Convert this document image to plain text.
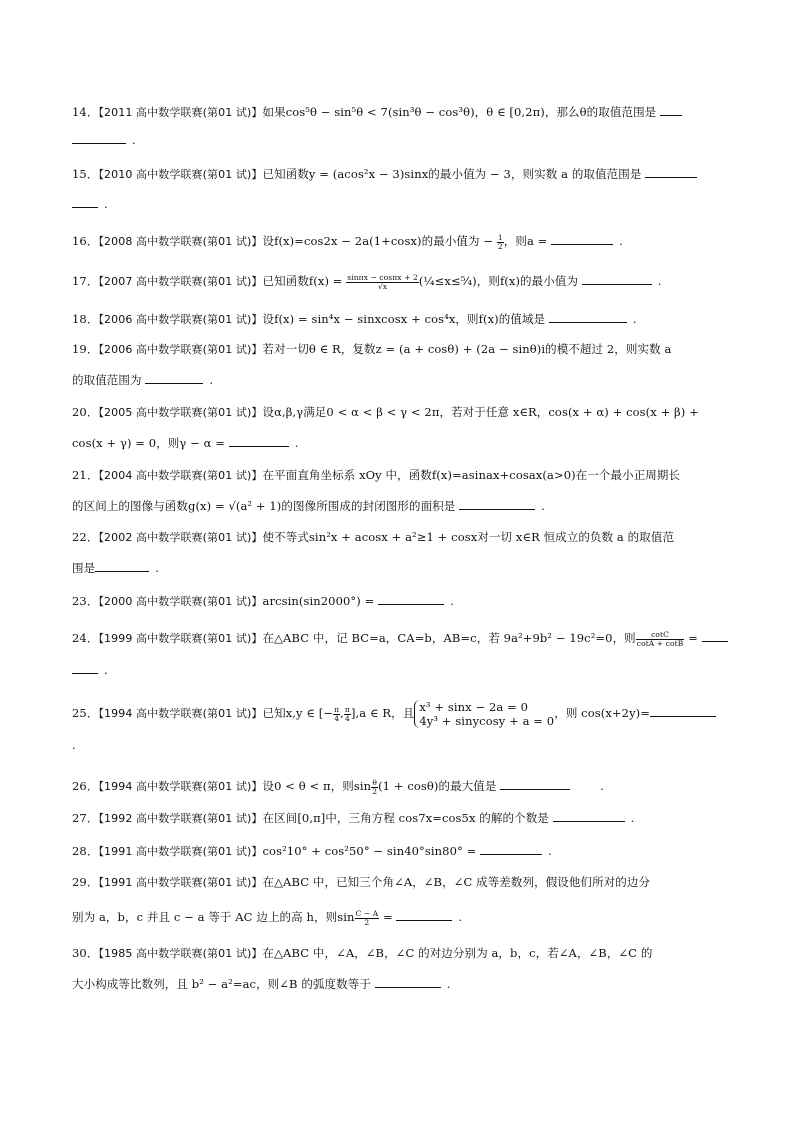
14．【2011 高中数学联赛(第01 试)】如果cos⁵θ − sin⁵θ < 7(sin³θ − cos³θ)，θ ∈ [0,2π)，那么θ的取值范围是
.
15．【2010 高中数学联赛(第01 试)】已知函数y = (acos²x − 3)sinx的最小值为 − 3，则实数 a 的取值范围是
.
16．【2008 高中数学联赛(第01 试)】设f(x)=cos2x − 2a(1+cosx)的最小值为 − $\frac{1}{2}$ ，则a =	.
17．【2007 高中数学联赛(第01 试)】已知函数$f(x) = \frac{\sin\pi x - \cos\pi x + 2}{√x}$ (¼≤x≤⁵⁄₄)，则f(x)的最小值为	.
18．【2006 高中数学联赛(第01 试)】设f(x) = sin⁴x − sinxcosx + cos⁴x，则f(x)的值域是	.
19．【2006 高中数学联赛(第01 试)】若对一切θ ∈ R，复数z = (a + cosθ) + (2a − sinθ)i的模不超过 2，则实数 a
的取值范围为	.
20．【2005 高中数学联赛(第01 试)】设α,β,γ满足0 < α < β < γ < 2π，若对于任意 x∈R，cos(x + α) + cos(x + β) +
cos(x + γ) = 0，则γ − α =	.
21．【2004 高中数学联赛(第01 试)】在平面直角坐标系 xOy 中，函数f(x)=asinax+cosax(a>0)在一个最小正周期长
的区间上的图像与函数g(x) = √(a² + 1)的图像所围成的封闭图形的面积是	.
22．【2002 高中数学联赛(第01 试)】使不等式sin²x + acosx + a²≥1 + cosx对一切 x∈R 恒成立的负数 a 的取值范
围是	.
23．【2000 高中数学联赛(第01 试)】arcsin(sin2000°) =	.
24．【1999 高中数学联赛(第01 试)】在△ABC 中，记 BC=a，CA=b，AB=c，若 9a²+9b² − 19c²=0，则 $\frac{\cot C}{\cot A + \cot B}$ =
.
25．【1994 高中数学联赛(第01 试)】已知x,y ∈ [− $\frac{\pi}{4}$ , $\frac{\pi}{4} ],a$ ∈ R，且 x³ + sinx − 2a = 0
4y³ + sinycosy + a = 0
，则 cos(x+2y)=
.
26．【1994 高中数学联赛(第01 试)】设0 < θ < π，则$\sin \frac{\theta}{2} (1 + \cos\theta)$的最大值是	.
27．【1992 高中数学联赛(第01 试)】在区间[0,π]中，三角方程 cos7x=cos5x 的解的个数是	.
28．【1991 高中数学联赛(第01 试)】cos²10° + cos²50° − sin40°sin80° =	.
29．【1991 高中数学联赛(第01 试)】在△ABC 中，已知三个角∠A，∠B，∠C 成等差数列，假设他们所对的边分
别为 a，b，c 并且 c − a 等于 AC 边上的高 h，则$\sin \frac{C - A}{2}$ =	.
30．【1985 高中数学联赛(第01 试)】在△ABC 中，∠A，∠B，∠C 的对边分别为 a，b，c，若∠A，∠B，∠C 的
大小构成等比数列，且 b² − a²=ac，则∠B 的弧度数等于	.
